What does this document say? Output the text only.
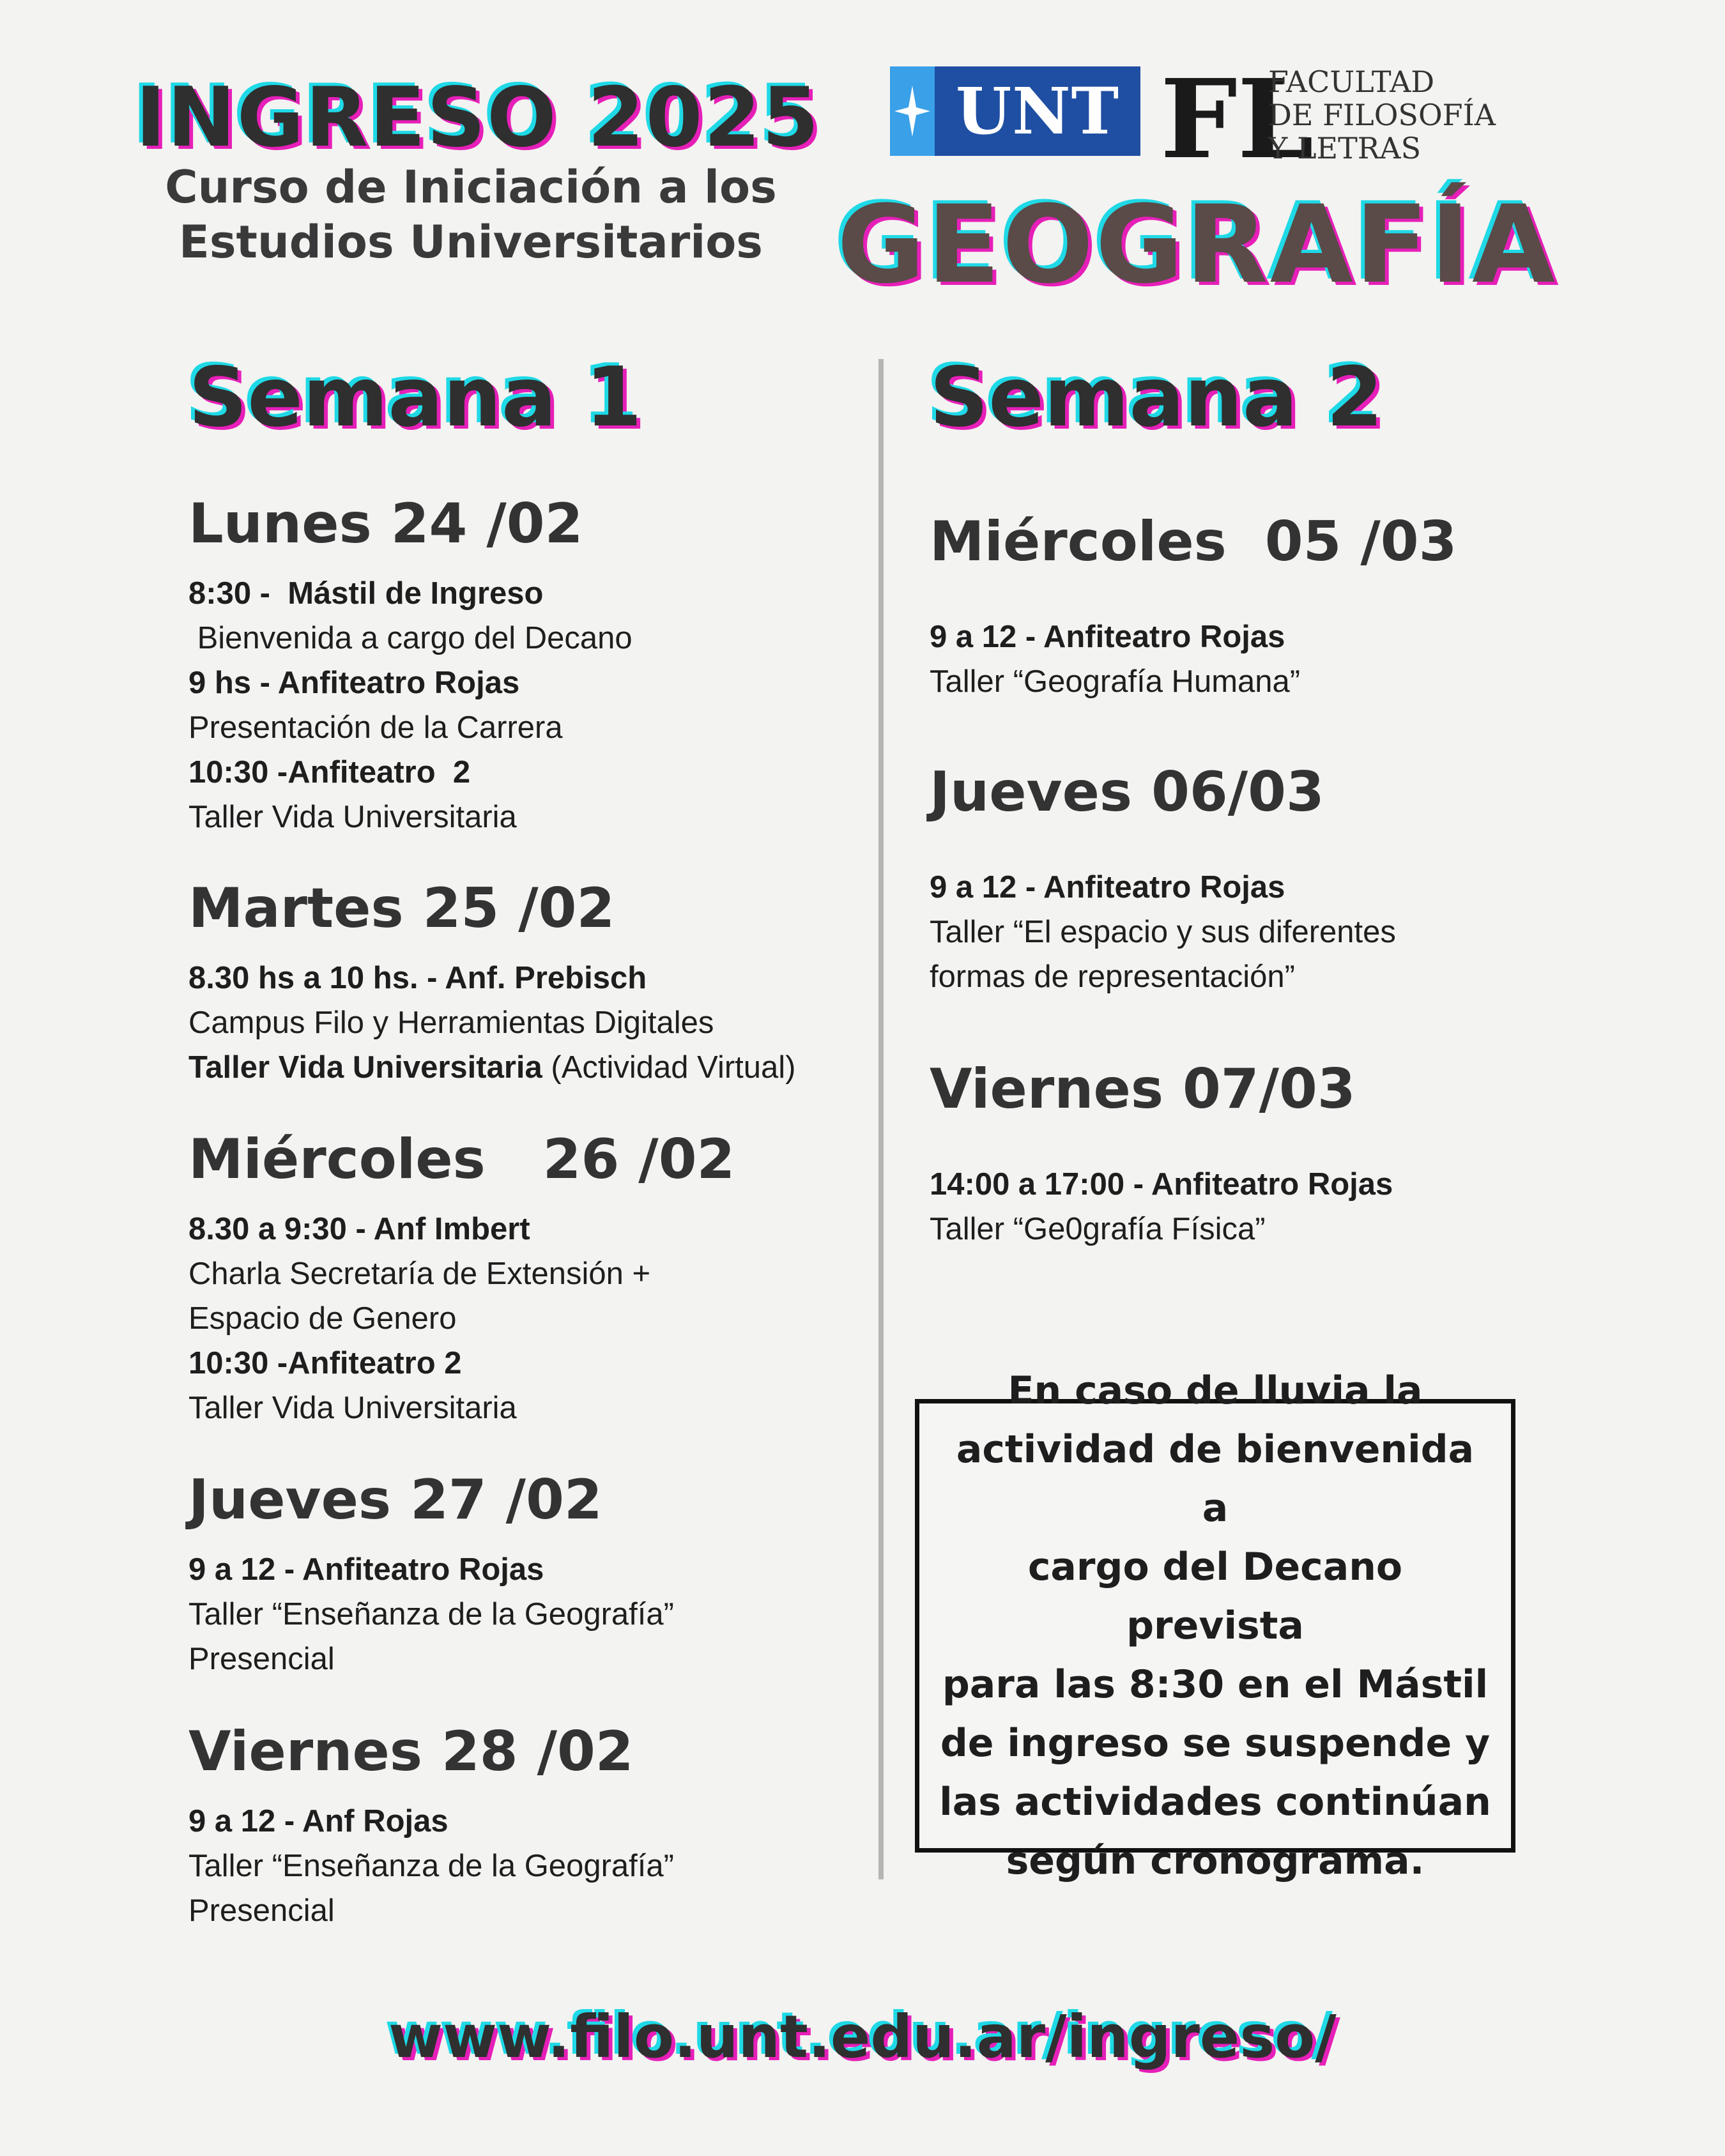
INGRESO 2025
Curso de Iniciación a los
Estudios Universitarios GEOGRAFÍA
UNT FL
FACULTAD
DE FILOSOFÍA
Y LETRAS
Semana 1	Semana 2
Lunes 24 /02
8:30 -  Mástil de Ingreso
Bienvenida a cargo del Decano
9 hs - Anfiteatro Rojas
Presentación de la Carrera
10:30 -Anfiteatro  2
Taller Vida Universitaria
Martes 25 /02
8.30 hs a 10 hs. - Anf. Prebisch
Campus Filo y Herramientas Digitales
Taller Vida Universitaria (Actividad Virtual)
Miércoles   26 /02
8.30 a 9:30 - Anf Imbert
Charla Secretaría de Extensión +
Espacio de Genero
10:30 -Anfiteatro 2
Taller Vida Universitaria
Jueves 27 /02
9 a 12 - Anfiteatro Rojas
Taller “Enseñanza de la Geografía”
Presencial
Viernes 28 /02
9 a 12 - Anf Rojas
Taller “Enseñanza de la Geografía”
Presencial
Miércoles  05 /03
9 a 12 - Anfiteatro Rojas
Taller “Geografía Humana”
Jueves 06/03
9 a 12 - Anfiteatro Rojas
Taller “El espacio y sus diferentes
formas de representación”
Viernes 07/03
14:00 a 17:00 - Anfiteatro Rojas
Taller “Ge0grafía Física”
En caso de lluvia la
actividad de bienvenida a
cargo del Decano prevista
para las 8:30 en el Mástil
de ingreso se suspende y
las actividades continúan
según cronograma.
www.filo.unt.edu.ar/ingreso/
